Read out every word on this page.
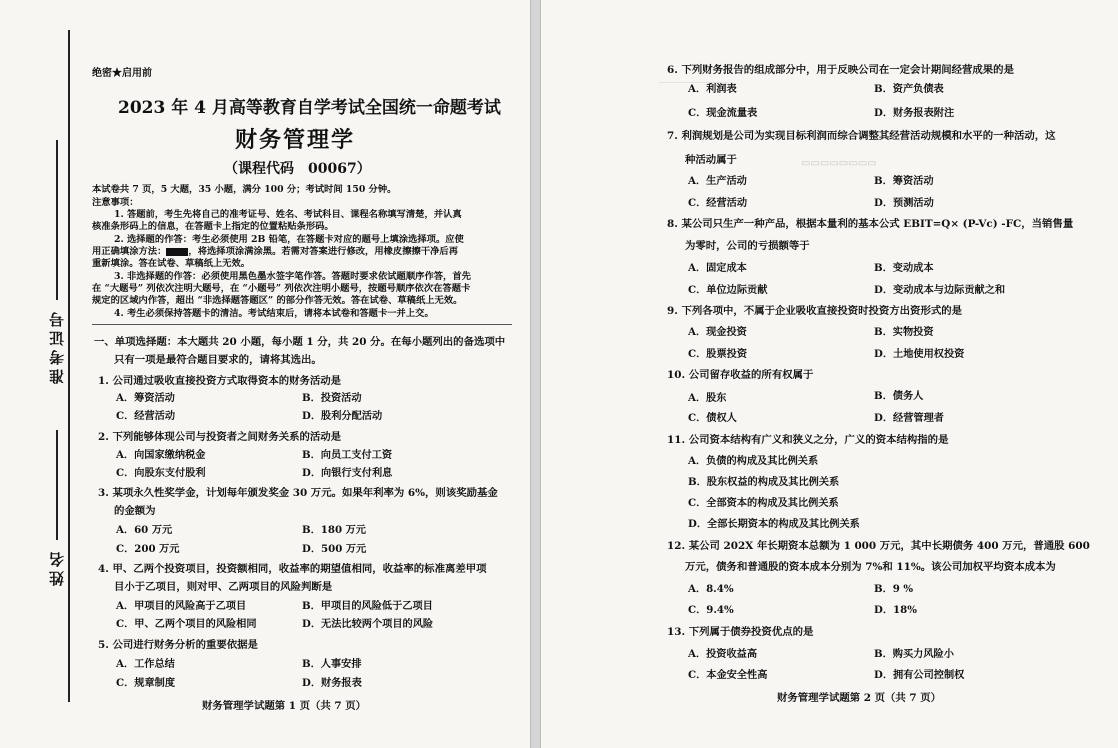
准考证号
姓名
绝密★启用前
2023 年 4 月高等教育自学考试全国统一命题考试
财务管理学
（课程代码　00067）
本试卷共 7 页，5 大题，35 小题，满分 100 分；考试时间 150 分钟。
注意事项：
1. 答题前，考生先将自己的准考证号、姓名、考试科目、课程名称填写清楚，并认真
核准条形码上的信息，在答题卡上指定的位置粘贴条形码。
2. 选择题的作答：考生必须使用 2B 铅笔，在答题卡对应的题号上填涂选择项。应使
用正确填涂方法： ，将选择项涂满涂黑。若需对答案进行修改，用橡皮擦擦干净后再
重新填涂。答在试卷、草稿纸上无效。
3. 非选择题的作答：必须使用黑色墨水签字笔作答。答题时要求依试题顺序作答，首先
在 “大题号” 列依次注明大题号，在 “小题号” 列依次注明小题号，按题号顺序依次在答题卡
规定的区域内作答，超出 “非选择题答题区” 的部分作答无效。答在试卷、草稿纸上无效。
4. 考生必须保持答题卡的清洁。考试结束后，请将本试卷和答题卡一并上交。
一、单项选择题：本大题共 20 小题，每小题 1 分，共 20 分。在每小题列出的备选项中
只有一项是最符合题目要求的，请将其选出。
1. 公司通过吸收直接投资方式取得资本的财务活动是
A．筹资活动	B．投资活动
C．经营活动	D．股利分配活动
2. 下列能够体现公司与投资者之间财务关系的活动是
A．向国家缴纳税金	B．向员工支付工资
C．向股东支付股利	D．向银行支付利息
3. 某项永久性奖学金，计划每年颁发奖金 30 万元。如果年利率为 6%，则该奖励基金
的金额为
A．60 万元	B．180 万元
C．200 万元	D．500 万元
4. 甲、乙两个投资项目，投资额相同，收益率的期望值相同，收益率的标准离差甲项
目小于乙项目，则对甲、乙两项目的风险判断是
A．甲项目的风险高于乙项目	B．甲项目的风险低于乙项目
C．甲、乙两个项目的风险相同	D．无法比较两个项目的风险
5. 公司进行财务分析的重要依据是
A．工作总结	B．人事安排
C．规章制度	D．财务报表
财务管理学试题第 1 页（共 7 页）
＿＿＿＿＿＿＿
▭▭▭▭▭▭▭▭
6. 下列财务报告的组成部分中，用于反映公司在一定会计期间经营成果的是
A．利润表	B．资产负债表
C．现金流量表	D．财务报表附注
7. 利润规划是公司为实现目标利润而综合调整其经营活动规模和水平的一种活动，这
种活动属于
A．生产活动	B．筹资活动
C．经营活动	D．预测活动
8. 某公司只生产一种产品，根据本量利的基本公式 EBIT=Q× (P-Vc) -FC，当销售量
为零时，公司的亏损额等于
A．固定成本	B．变动成本
C．单位边际贡献	D．变动成本与边际贡献之和
9. 下列各项中，不属于企业吸收直接投资时投资方出资形式的是
A．现金投资	B．实物投资
C．股票投资	D．土地使用权投资
10. 公司留存收益的所有权属于
A．股东	B．债务人
C．债权人	D．经营管理者
11. 公司资本结构有广义和狭义之分，广义的资本结构指的是
A．负债的构成及其比例关系
B．股东权益的构成及其比例关系
C．全部资本的构成及其比例关系
D．全部长期资本的构成及其比例关系
12. 某公司 202X 年长期资本总额为 1 000 万元，其中长期债务 400 万元，普通股 600
万元，债务和普通股的资本成本分别为 7%和 11%。该公司加权平均资本成本为
A．8.4%	B．9 %
C．9.4%	D．18%
13. 下列属于债券投资优点的是
A．投资收益高	B．购买力风险小
C．本金安全性高	D．拥有公司控制权
财务管理学试题第 2 页（共 7 页）
